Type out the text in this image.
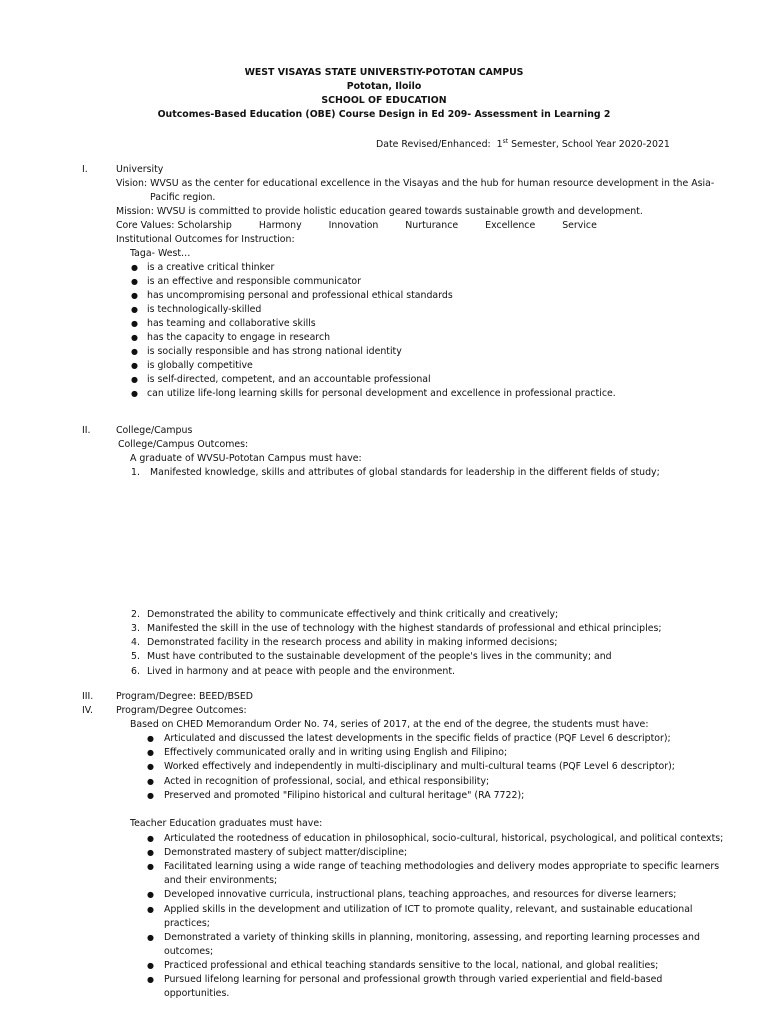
WEST VISAYAS STATE UNIVERSTIY-POTOTAN CAMPUS
Pototan, Iloilo
SCHOOL OF EDUCATION
Outcomes-Based Education (OBE) Course Design in Ed 209- Assessment in Learning 2
Date Revised/Enhanced: 1st Semester, School Year 2020-2021
I.	University
Vision: WVSU as the center for educational excellence in the Visayas and the hub for human resource development in the Asia-
Pacific region.
Mission: WVSU is committed to provide holistic education geared towards sustainable growth and development.
Core Values: Scholarship	Harmony	Innovation	Nurturance	Excellence	Service
Institutional Outcomes for Instruction:
Taga- West…
● is a creative critical thinker
● is an effective and responsible communicator
● has uncompromising personal and professional ethical standards
● is technologically-skilled
● has teaming and collaborative skills
● has the capacity to engage in research
● is socially responsible and has strong national identity
● is globally competitive
● is self-directed, competent, and an accountable professional
● can utilize life-long learning skills for personal development and excellence in professional practice.
II.	College/Campus
College/Campus Outcomes:
A graduate of WVSU-Pototan Campus must have:
1. Manifested knowledge, skills and attributes of global standards for leadership in the different fields of study;
2. Demonstrated the ability to communicate effectively and think critically and creatively;
3. Manifested the skill in the use of technology with the highest standards of professional and ethical principles;
4. Demonstrated facility in the research process and ability in making informed decisions;
5. Must have contributed to the sustainable development of the people's lives in the community; and
6. Lived in harmony and at peace with people and the environment.
III. Program/Degree: BEED/BSED
IV. Program/Degree Outcomes:
Based on CHED Memorandum Order No. 74, series of 2017, at the end of the degree, the students must have:
● Articulated and discussed the latest developments in the specific fields of practice (PQF Level 6 descriptor);
● Effectively communicated orally and in writing using English and Filipino;
● Worked effectively and independently in multi-disciplinary and multi-cultural teams (PQF Level 6 descriptor);
● Acted in recognition of professional, social, and ethical responsibility;
● Preserved and promoted "Filipino historical and cultural heritage" (RA 7722);
Teacher Education graduates must have:
● Articulated the rootedness of education in philosophical, socio-cultural, historical, psychological, and political contexts;
● Demonstrated mastery of subject matter/discipline;
● Facilitated learning using a wide range of teaching methodologies and delivery modes appropriate to specific learners
and their environments;
● Developed innovative curricula, instructional plans, teaching approaches, and resources for diverse learners;
● Applied skills in the development and utilization of ICT to promote quality, relevant, and sustainable educational
practices;
● Demonstrated a variety of thinking skills in planning, monitoring, assessing, and reporting learning processes and
outcomes;
● Practiced professional and ethical teaching standards sensitive to the local, national, and global realities;
● Pursued lifelong learning for personal and professional growth through varied experiential and field-based
opportunities.
